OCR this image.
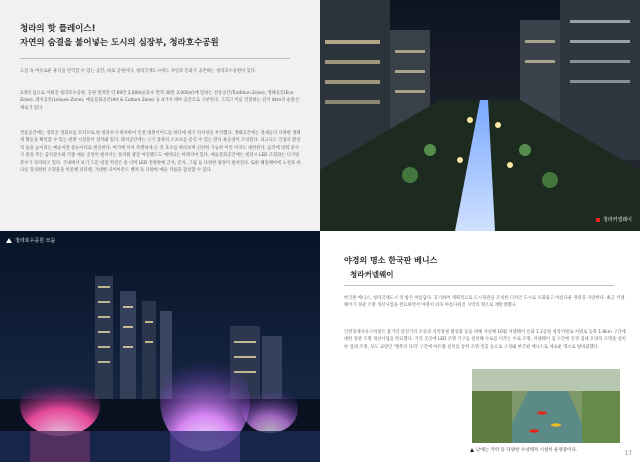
청라의 핫 플레이스!
자연의 숨결을 불어넣는 도시의 심장부, 청라호수공원

도심 속 여유로운 휴식을 만끽할 수 있는 공간, 바로 공원이다. 청라국제도시에도 자연과 문화가 공존하는 청라호수공원이 있다.

3개의 섬으로 이뤄진 청라호수공원. 공원 면적만 약 69만 3,000㎡(호수 면적 36만 3,000㎡)에 달하는 전통공간(Tradition Zone), 생태공간(Eco Zone), 레저공간(Leisure Zone), 예술문화공간(Art & Culture Zone) 등 4가지 테마 공간으로 구분된다. 그리고 이를 연결하는 길이 4km의 순환산책로가 있다.

전통공간에는 경복궁 경회루를 모티브로 한 청라루가 위치하여 인천 대원이어도를 바다에 세기 역사성을 부각했다. 생태공간에는 철새들의 다양한 생태계 활동을 확인할 수 있는 관찰 시설물이 설치돼 있다. 레저공간에는 구기 종목의 스포츠를 즐길 수 있는 잔디 운동장이 조성된다. 피크닉도 인접의 환상적 숲을 높이려는 예술이란 물놀이터로 변신한다. 여기에 이처 특별하게 돈 것 호수를 바라보며 선선히 가능한 어린 비지도 대한된다. 음악에 맞춰 분수가 춤을 추는 음악분수와 각종 예술 공연이 펼쳐지는 플라워 광장 아일랜드도 예비되는 아래지마 있다. 예술문화공간에는 필러시 LED 조형화는 디지털 분수가 자리하고 있다. 국내에서 보기 드문 대형 벽천은 물 너머 LED 전광판에 글자, 문자, 그림 등 다양한 광경이 펼쳐진다. 또한 해질해마에 노천과 바다를 형성하한 조형물을 비롯해 피라맨, 거대한 다이아몬드 밴치 등 다양한 예술 작품을 감상할 수 있다.

청라커넬웨이
청라호수공원 모습
야경의 명소 한국판 베니스
청라커넬웨이

한국판 베니스, 청라국제도시 의 밤은 아름답다. 호기하여 계획적으로 도시경관을 조성한 디자인 도시로 조화롭고 아름다운 경관을 자랑한다. 최근 커넬웨이가 경관 조명 개선사업을 완료하면서 야경이 더욱 아름다워진 지역의 명소로 재탄생했다.

인천경제자유구역청은 불거리·즐길거리 조성과 지역상권 활성화 등을 위해 지난해 10월 커넬웨이 문화 1.2공원 청라커넬로-커넬로 동북 1.8km 구간에 대한 경관 조명 개선사업을 완료했다. 거리 곳곳에 LED 조명 기구를 설치해 수로를 비추는 수로 조명, 커넬웨이 섬 구간에 인경 업대 모양의 조명을 설치한 업대 조명, 보도 교량인 '행복의 다리' 구간에 아트월 설치를 통한 조명 연출 등으로 구성돼 한국판 베니스로 새로운 명소로 탈바꿈했다.

낮에는 카약 등 다양한 수상레저 시설이 운영중이다.	17
